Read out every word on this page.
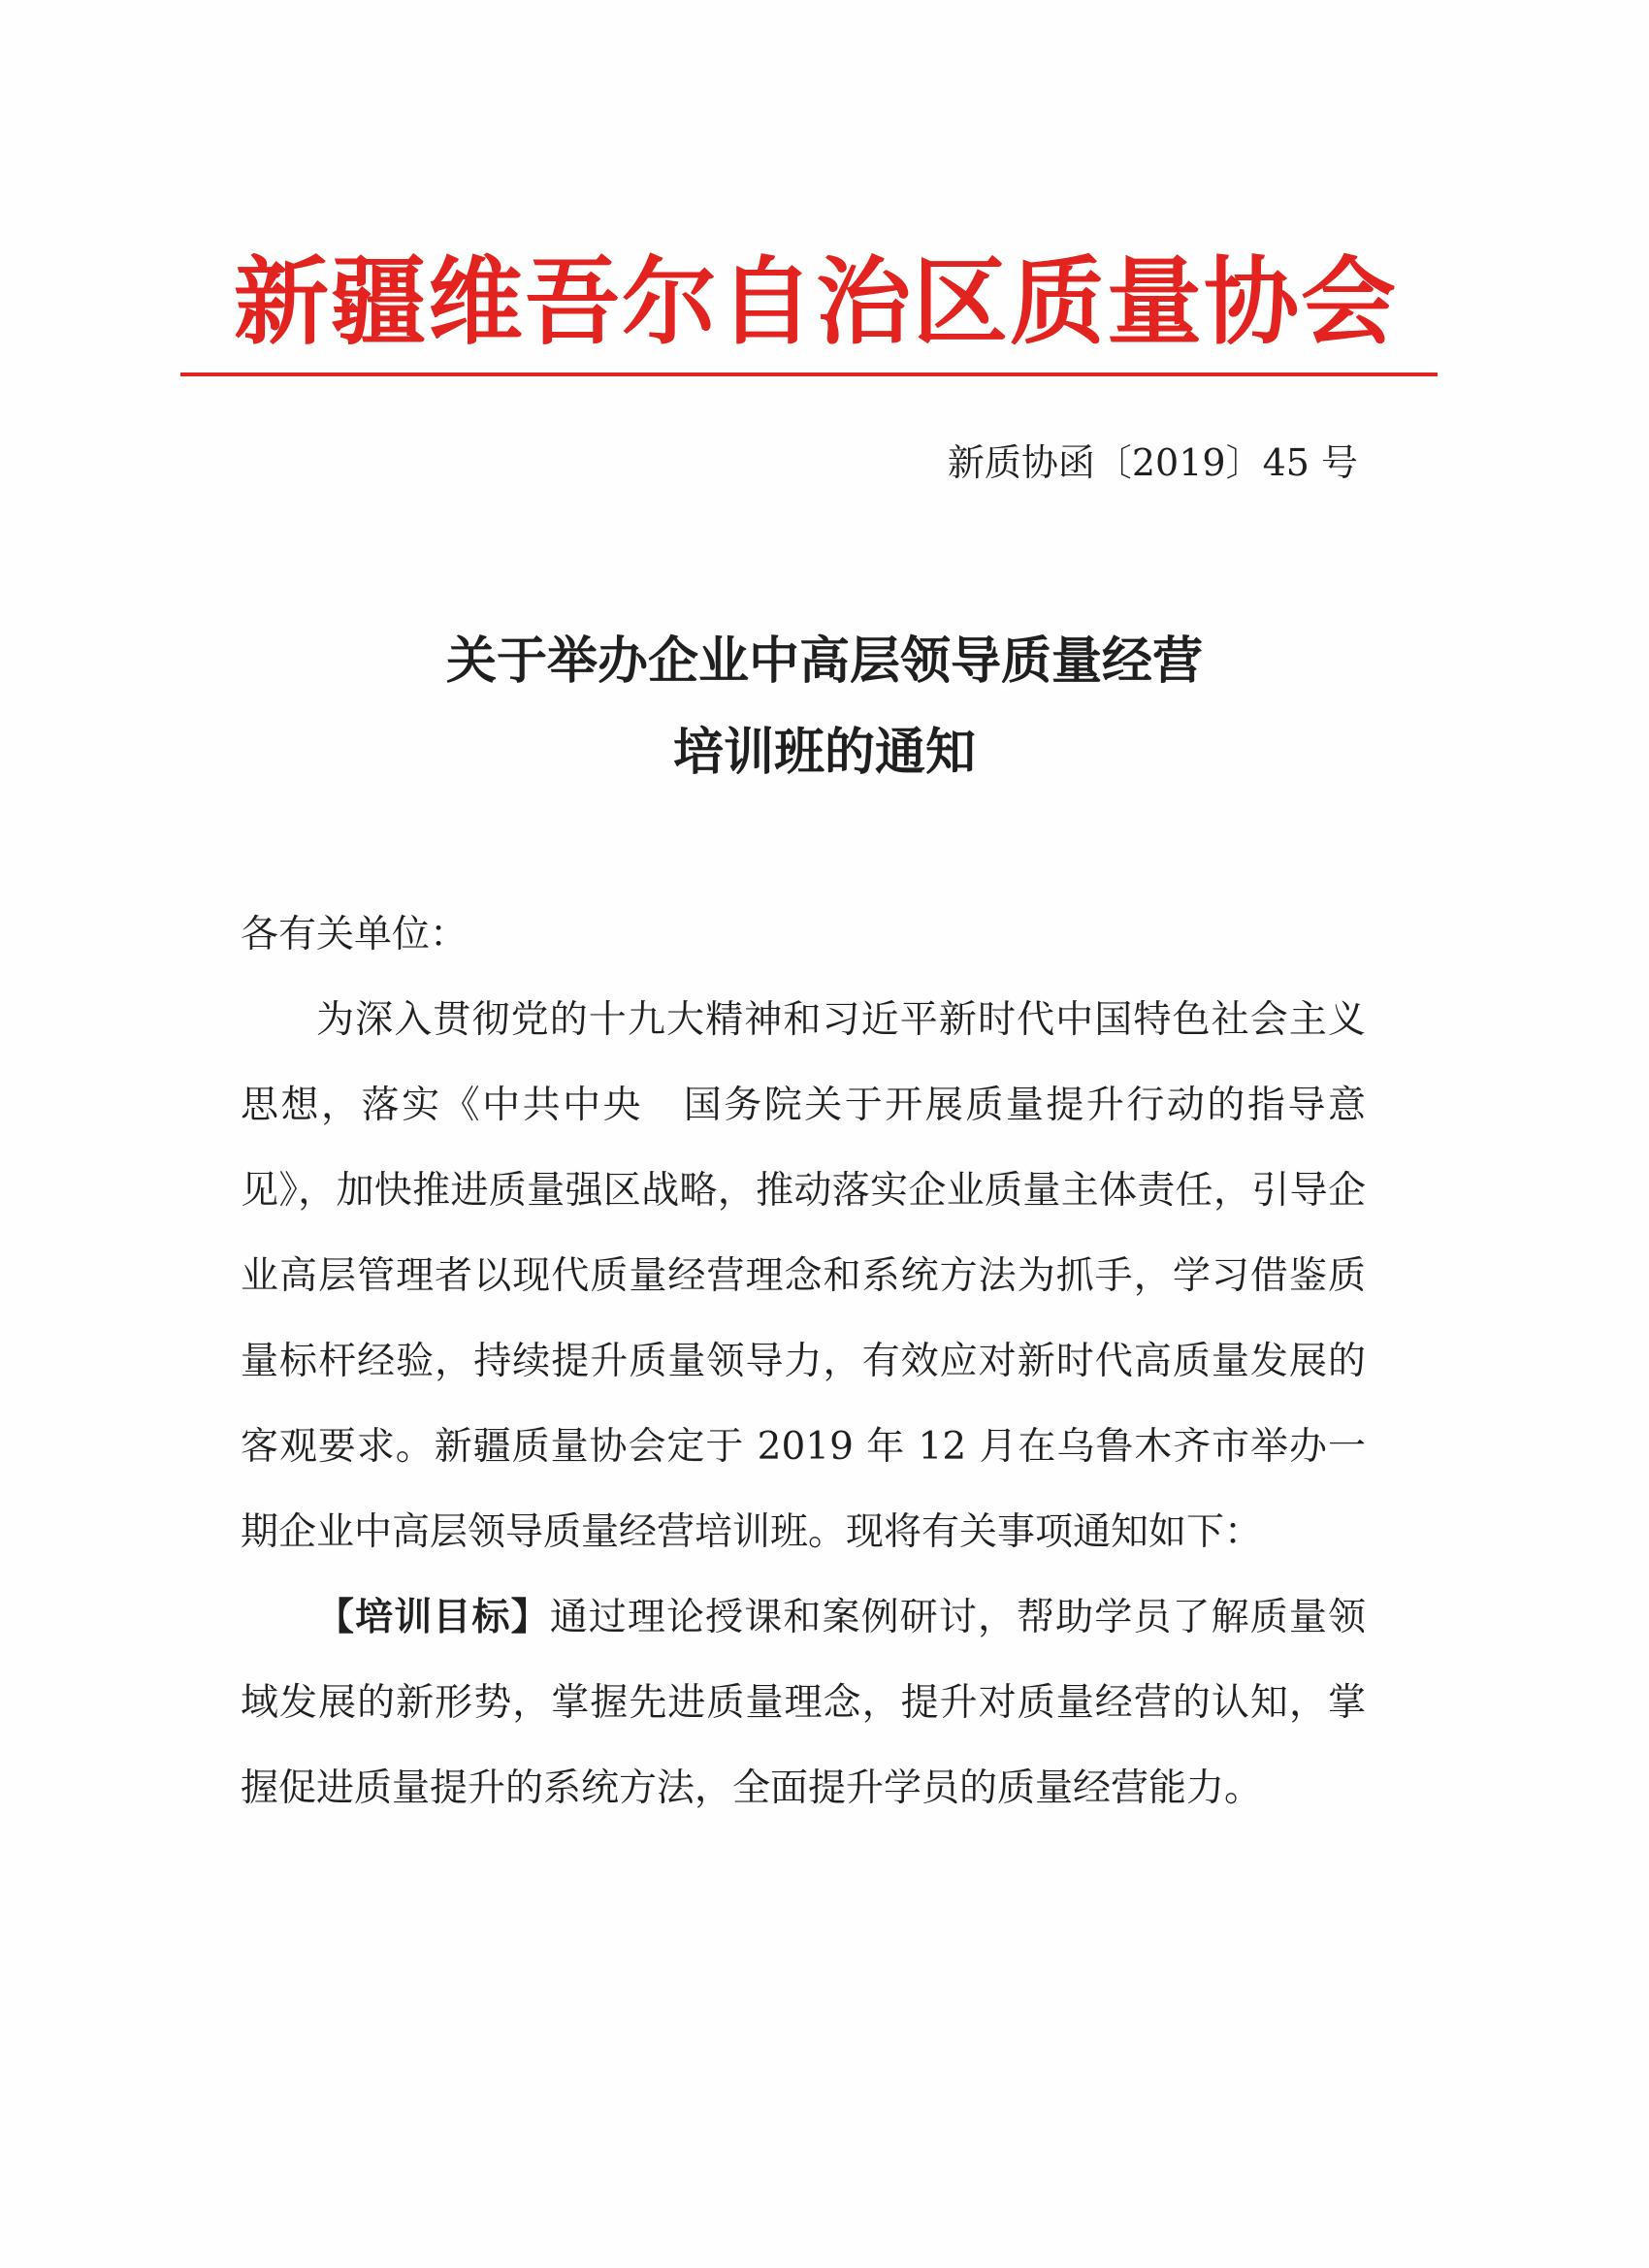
新疆维吾尔自治区质量协会
新质协函〔2019〕45 号
关于举办企业中高层领导质量经营
培训班的通知

各有关单位：

为深入贯彻党的十九大精神和习近平新时代中国特色社会主义思想，落实《中共中央　国务院关于开展质量提升行动的指导意见》，加快推进质量强区战略，推动落实企业质量主体责任，引导企业高层管理者以现代质量经营理念和系统方法为抓手，学习借鉴质量标杆经验，持续提升质量领导力，有效应对新时代高质量发展的客观要求。新疆质量协会定于 2019 年 12 月在乌鲁木齐市举办一期企业中高层领导质量经营培训班。现将有关事项通知如下：

【培训目标】通过理论授课和案例研讨，帮助学员了解质量领域发展的新形势，掌握先进质量理念，提升对质量经营的认知，掌握促进质量提升的系统方法，全面提升学员的质量经营能力。
